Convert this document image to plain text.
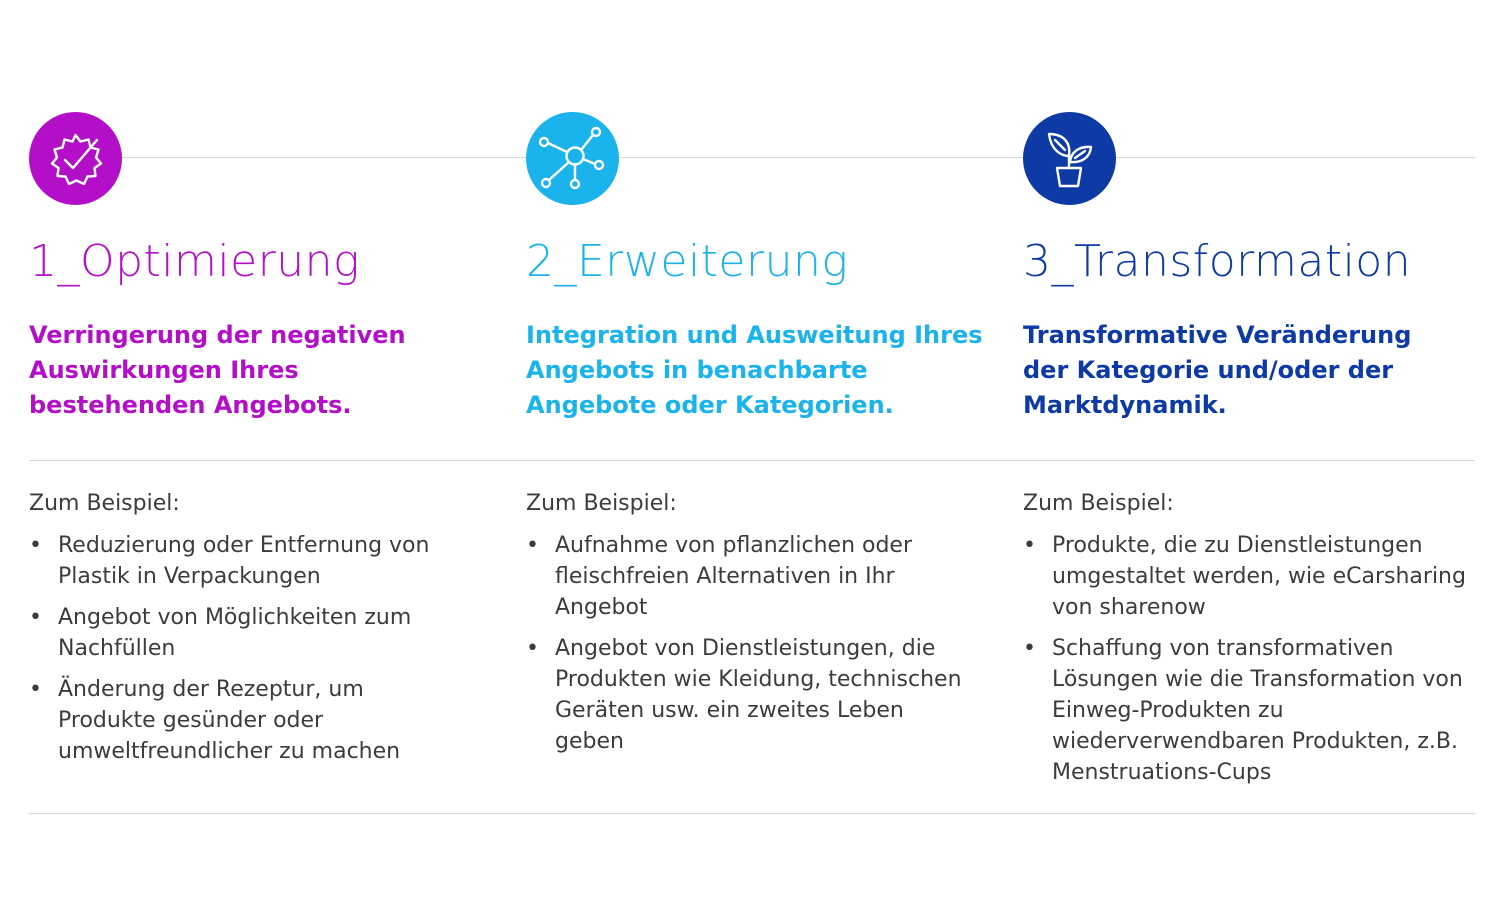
1_Optimierung

Verringerung der negativen Auswirkungen Ihres bestehenden Angebots.

Zum Beispiel:
• Reduzierung oder Entfernung von Plastik in Verpackungen
• Angebot von Möglichkeiten zum Nachfüllen
• Änderung der Rezeptur, um Produkte gesünder oder umweltfreundlicher zu machen
2_Erweiterung

Integration und Ausweitung Ihres Angebots in benachbarte Angebote oder Kategorien.

Zum Beispiel:
• Aufnahme von pflanzlichen oder fleischfreien Alternativen in Ihr Angebot
• Angebot von Dienstleistungen, die Produkten wie Kleidung, technischen Geräten usw. ein zweites Leben geben
3_Transformation

Transformative Veränderung der Kategorie und/oder der Marktdynamik.

Zum Beispiel:
• Produkte, die zu Dienstleistungen umgestaltet werden, wie eCarsharing von sharenow
• Schaffung von transformativen Lösungen wie die Transformation von Einweg-Produkten zu wiederverwendbaren Produkten, z.B. Menstruations-Cups
